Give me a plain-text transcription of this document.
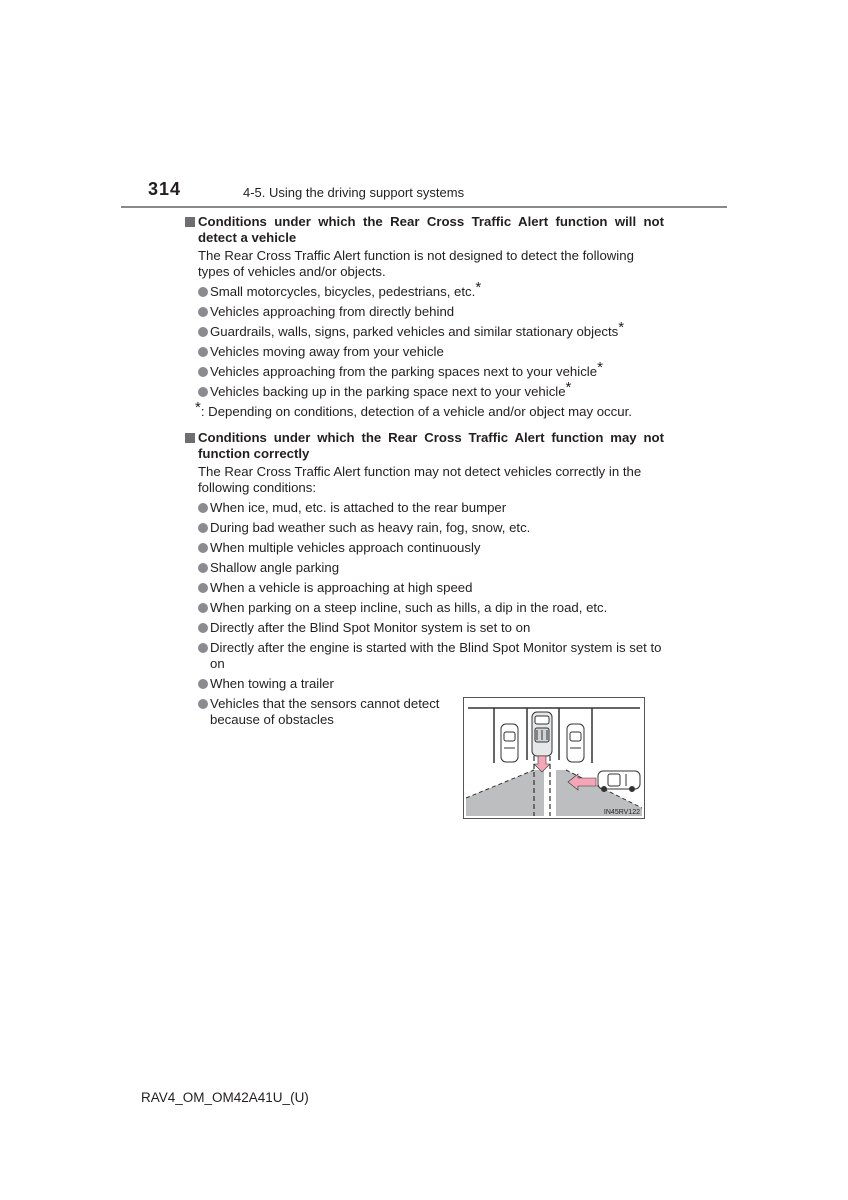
314	4-5. Using the driving support systems
Conditions under which the Rear Cross Traffic Alert function will not detect a vehicle
The Rear Cross Traffic Alert function is not designed to detect the following types of vehicles and/or objects.
Small motorcycles, bicycles, pedestrians, etc.*
Vehicles approaching from directly behind
Guardrails, walls, signs, parked vehicles and similar stationary objects*
Vehicles moving away from your vehicle
Vehicles approaching from the parking spaces next to your vehicle*
Vehicles backing up in the parking space next to your vehicle*
*: Depending on conditions, detection of a vehicle and/or object may occur.
Conditions under which the Rear Cross Traffic Alert function may not function correctly
The Rear Cross Traffic Alert function may not detect vehicles correctly in the following conditions:
When ice, mud, etc. is attached to the rear bumper
During bad weather such as heavy rain, fog, snow, etc.
When multiple vehicles approach continuously
Shallow angle parking
When a vehicle is approaching at high speed
When parking on a steep incline, such as hills, a dip in the road, etc.
Directly after the Blind Spot Monitor system is set to on
Directly after the engine is started with the Blind Spot Monitor system is set to on
When towing a trailer
Vehicles that the sensors cannot detect because of obstacles
IN45RV122
RAV4_OM_OM42A41U_(U)
